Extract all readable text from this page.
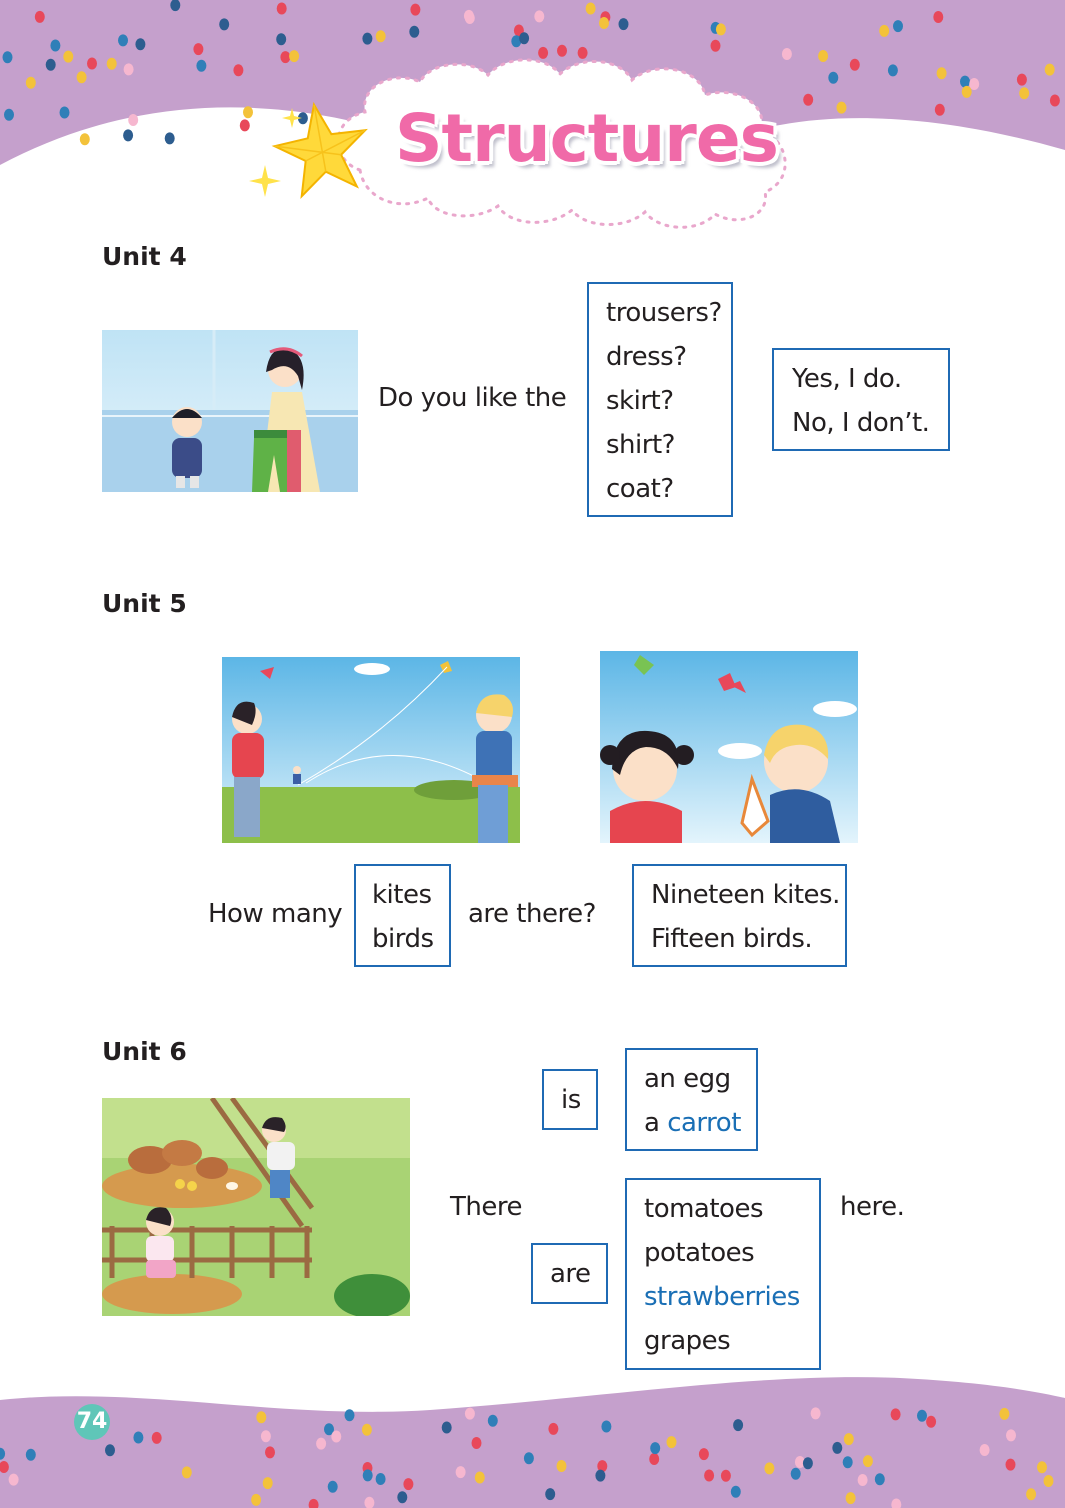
Structures
Unit 4
Do you like the
trousers?
dress?
skirt?
shirt?
coat?
Yes, I do.
No, I don’t.
Unit 5
How many
kites
birds
are there?
Nineteen kites.
Fifteen birds.
Unit 6
is
an egg
a carrot
There
are
tomatoes
potatoes
strawberries
grapes
here.
74
